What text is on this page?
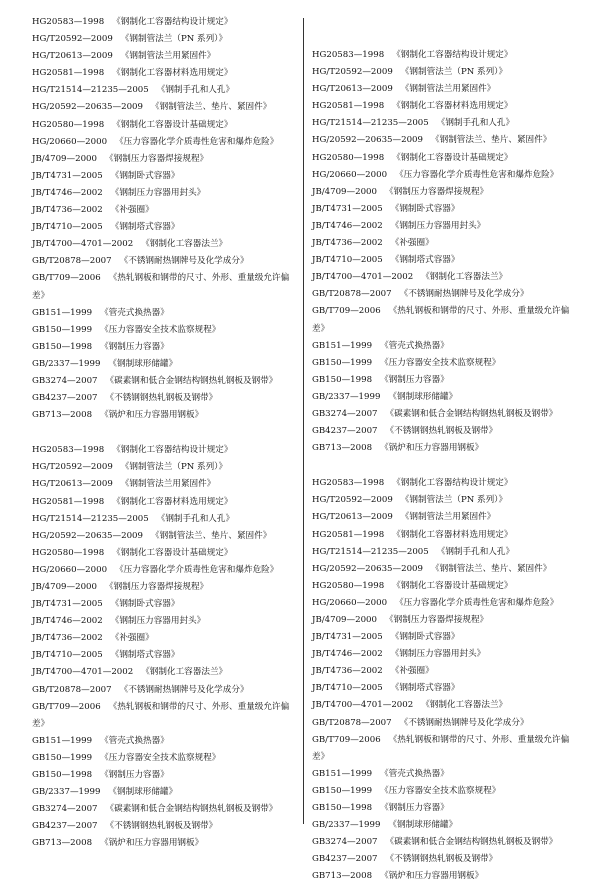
HG20583—1998 《钢制化工容器结构设计规定》

HG/T20592—2009 《钢制管法兰（PN 系列）》

HG/T20613—2009 《钢制管法兰用紧固件》

HG20581—1998 《钢制化工容器材料选用规定》

HG/T21514—21235—2005 《钢制手孔和人孔》

HG/20592—20635—2009 《钢制管法兰、垫片、紧固件》

HG20580—1998 《钢制化工容器设计基础规定》

HG/20660—2000 《压力容器化学介质毒性危害和爆炸危险》

JB/4709—2000 《钢制压力容器焊接规程》

JB/T4731—2005 《钢制卧式容器》

JB/T4746—2002 《钢制压力容器用封头》

JB/T4736—2002 《补强圈》

JB/T4710—2005 《钢制塔式容器》

JB/T4700—4701—2002 《钢制化工容器法兰》

GB/T20878—2007 《不锈钢耐热钢牌号及化学成分》

GB/T709—2006 《热轧钢板和钢带的尺寸、外形、重量级允许偏差》

GB151—1999 《管壳式换热器》

GB150—1999 《压力容器安全技术监察规程》

GB150—1998 《钢制压力容器》

GB/2337—1999 《钢制球形储罐》

GB3274—2007 《碳素钢和低合金钢结构钢热轧钢板及钢带》

GB4237—2007 《不锈钢钢热轧钢板及钢带》

GB713—2008 《锅炉和压力容器用钢板》

HG20583—1998 《钢制化工容器结构设计规定》

HG/T20592—2009 《钢制管法兰（PN 系列）》

HG/T20613—2009 《钢制管法兰用紧固件》

HG20581—1998 《钢制化工容器材料选用规定》

HG/T21514—21235—2005 《钢制手孔和人孔》

HG/20592—20635—2009 《钢制管法兰、垫片、紧固件》

HG20580—1998 《钢制化工容器设计基础规定》

HG/20660—2000 《压力容器化学介质毒性危害和爆炸危险》

JB/4709—2000 《钢制压力容器焊接规程》

JB/T4731—2005 《钢制卧式容器》

JB/T4746—2002 《钢制压力容器用封头》

JB/T4736—2002 《补强圈》

JB/T4710—2005 《钢制塔式容器》

JB/T4700—4701—2002 《钢制化工容器法兰》

GB/T20878—2007 《不锈钢耐热钢牌号及化学成分》

GB/T709—2006 《热轧钢板和钢带的尺寸、外形、重量级允许偏差》

GB151—1999 《管壳式换热器》

GB150—1999 《压力容器安全技术监察规程》

GB150—1998 《钢制压力容器》

GB/2337—1999 《钢制球形储罐》

GB3274—2007 《碳素钢和低合金钢结构钢热轧钢板及钢带》

GB4237—2007 《不锈钢钢热轧钢板及钢带》

GB713—2008 《锅炉和压力容器用钢板》

HG20583—1998 《钢制化工容器结构设计规定》

HG/T20592—2009 《钢制管法兰（PN 系列）》

HG/T20613—2009 《钢制管法兰用紧固件》

HG20581—1998 《钢制化工容器材料选用规定》

HG/T21514—21235—2005 《钢制手孔和人孔》

HG/20592—20635—2009 《钢制管法兰、垫片、紧固件》

HG20580—1998 《钢制化工容器设计基础规定》

HG/20660—2000 《压力容器化学介质毒性危害和爆炸危险》

JB/4709—2000 《钢制压力容器焊接规程》

JB/T4731—2005 《钢制卧式容器》

JB/T4746—2002 《钢制压力容器用封头》

JB/T4736—2002 《补强圈》

JB/T4710—2005 《钢制塔式容器》

JB/T4700—4701—2002 《钢制化工容器法兰》

GB/T20878—2007 《不锈钢耐热钢牌号及化学成分》

GB/T709—2006 《热轧钢板和钢带的尺寸、外形、重量级允许偏差》

GB151—1999 《管壳式换热器》

GB150—1999 《压力容器安全技术监察规程》

GB150—1998 《钢制压力容器》

GB/2337—1999 《钢制球形储罐》

GB3274—2007 《碳素钢和低合金钢结构钢热轧钢板及钢带》

GB4237—2007 《不锈钢钢热轧钢板及钢带》

GB713—2008 《锅炉和压力容器用钢板》

HG20583—1998 《钢制化工容器结构设计规定》

HG/T20592—2009 《钢制管法兰（PN 系列）》

HG/T20613—2009 《钢制管法兰用紧固件》

HG20581—1998 《钢制化工容器材料选用规定》

HG/T21514—21235—2005 《钢制手孔和人孔》

HG/20592—20635—2009 《钢制管法兰、垫片、紧固件》

HG20580—1998 《钢制化工容器设计基础规定》

HG/20660—2000 《压力容器化学介质毒性危害和爆炸危险》

JB/4709—2000 《钢制压力容器焊接规程》

JB/T4731—2005 《钢制卧式容器》

JB/T4746—2002 《钢制压力容器用封头》

JB/T4736—2002 《补强圈》

JB/T4710—2005 《钢制塔式容器》

JB/T4700—4701—2002 《钢制化工容器法兰》

GB/T20878—2007 《不锈钢耐热钢牌号及化学成分》

GB/T709—2006 《热轧钢板和钢带的尺寸、外形、重量级允许偏差》

GB151—1999 《管壳式换热器》

GB150—1999 《压力容器安全技术监察规程》

GB150—1998 《钢制压力容器》

GB/2337—1999 《钢制球形储罐》

GB3274—2007 《碳素钢和低合金钢结构钢热轧钢板及钢带》

GB4237—2007 《不锈钢钢热轧钢板及钢带》

GB713—2008 《锅炉和压力容器用钢板》
